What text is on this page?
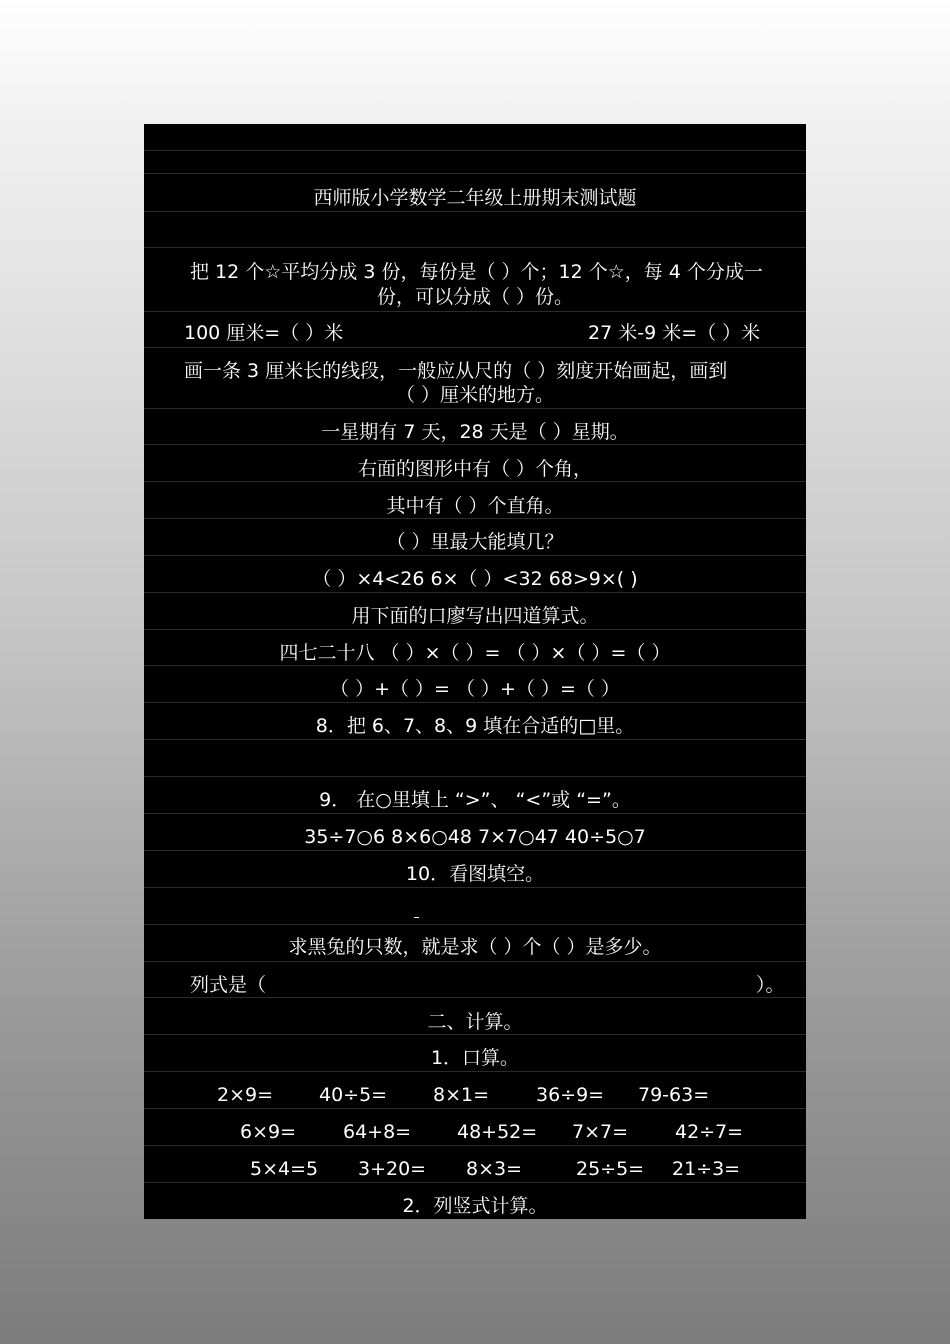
西师版小学数学二年级上册期末测试题
把 12 个☆平均分成 3 份，每份是（ ）个；12 个☆，每 4 个分成一
份，可以分成（ ）份。
100 厘米=（ ）米	27 米-9 米=（ ）米
画一条 3 厘米长的线段，一般应从尺的（ ）刻度开始画起，画到
（ ）厘米的地方。
一星期有 7 天，28 天是（ ）星期。
右面的图形中有（ ）个角，
其中有（ ）个直角。
（ ）里最大能填几？
（ ）×4<26 6×（ ）<32 68>9×( )
用下面的口廖写出四道算式。
四七二十八 （ ）×（ ）= （ ）×（ ）=（ ）
（ ）+（ ）= （ ）+（ ）=（ ）
8．把 6、7、8、9 填在合适的□里。
9． 在○里填上 “>”、 “<”或 “=”。
35÷7○6 8×6○48 7×7○47 40÷5○7
10．看图填空。
求黑兔的只数，就是求（ ）个（ ）是多少。
列式是（	）。
二、计算。
1．口算。
2×9= 40÷5= 8×1= 36÷9= 79-63=
6×9= 64+8= 48+52= 7×7= 42÷7=
5×4=5 3+20= 8×3=	25÷5= 21÷3=
2．列竖式计算。
